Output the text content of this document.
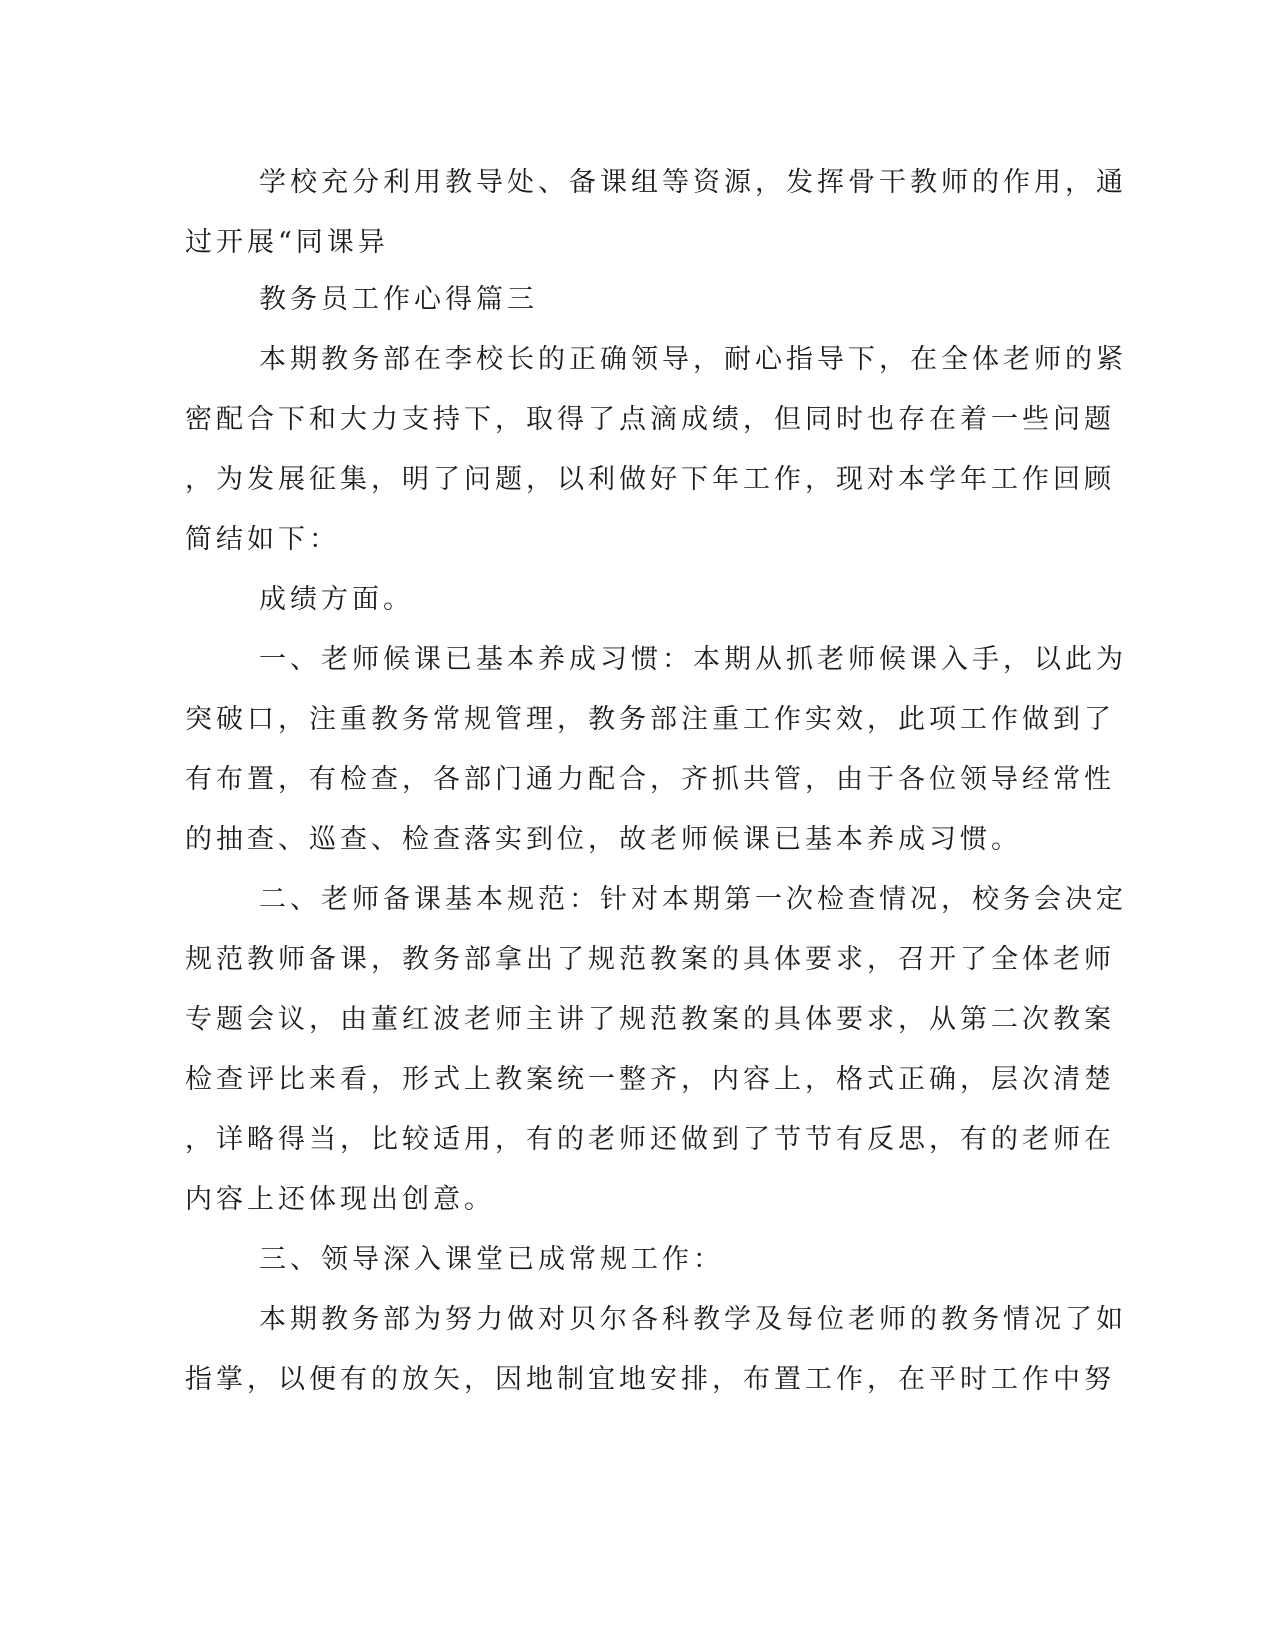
学校充分利用教导处、备课组等资源，发挥骨干教师的作用，通
过开展“同课异
教务员工作心得篇三
本期教务部在李校长的正确领导，耐心指导下，在全体老师的紧
密配合下和大力支持下，取得了点滴成绩，但同时也存在着一些问题
，为发展征集，明了问题，以利做好下年工作，现对本学年工作回顾
简结如下：
成绩方面。
一、老师候课已基本养成习惯：本期从抓老师候课入手，以此为
突破口，注重教务常规管理，教务部注重工作实效，此项工作做到了
有布置，有检查，各部门通力配合，齐抓共管，由于各位领导经常性
的抽查、巡查、检查落实到位，故老师候课已基本养成习惯。
二、老师备课基本规范：针对本期第一次检查情况，校务会决定
规范教师备课，教务部拿出了规范教案的具体要求，召开了全体老师
专题会议，由董红波老师主讲了规范教案的具体要求，从第二次教案
检查评比来看，形式上教案统一整齐，内容上，格式正确，层次清楚
，详略得当，比较适用，有的老师还做到了节节有反思，有的老师在
内容上还体现出创意。
三、领导深入课堂已成常规工作：
本期教务部为努力做对贝尔各科教学及每位老师的教务情况了如
指掌，以便有的放矢，因地制宜地安排，布置工作，在平时工作中努
